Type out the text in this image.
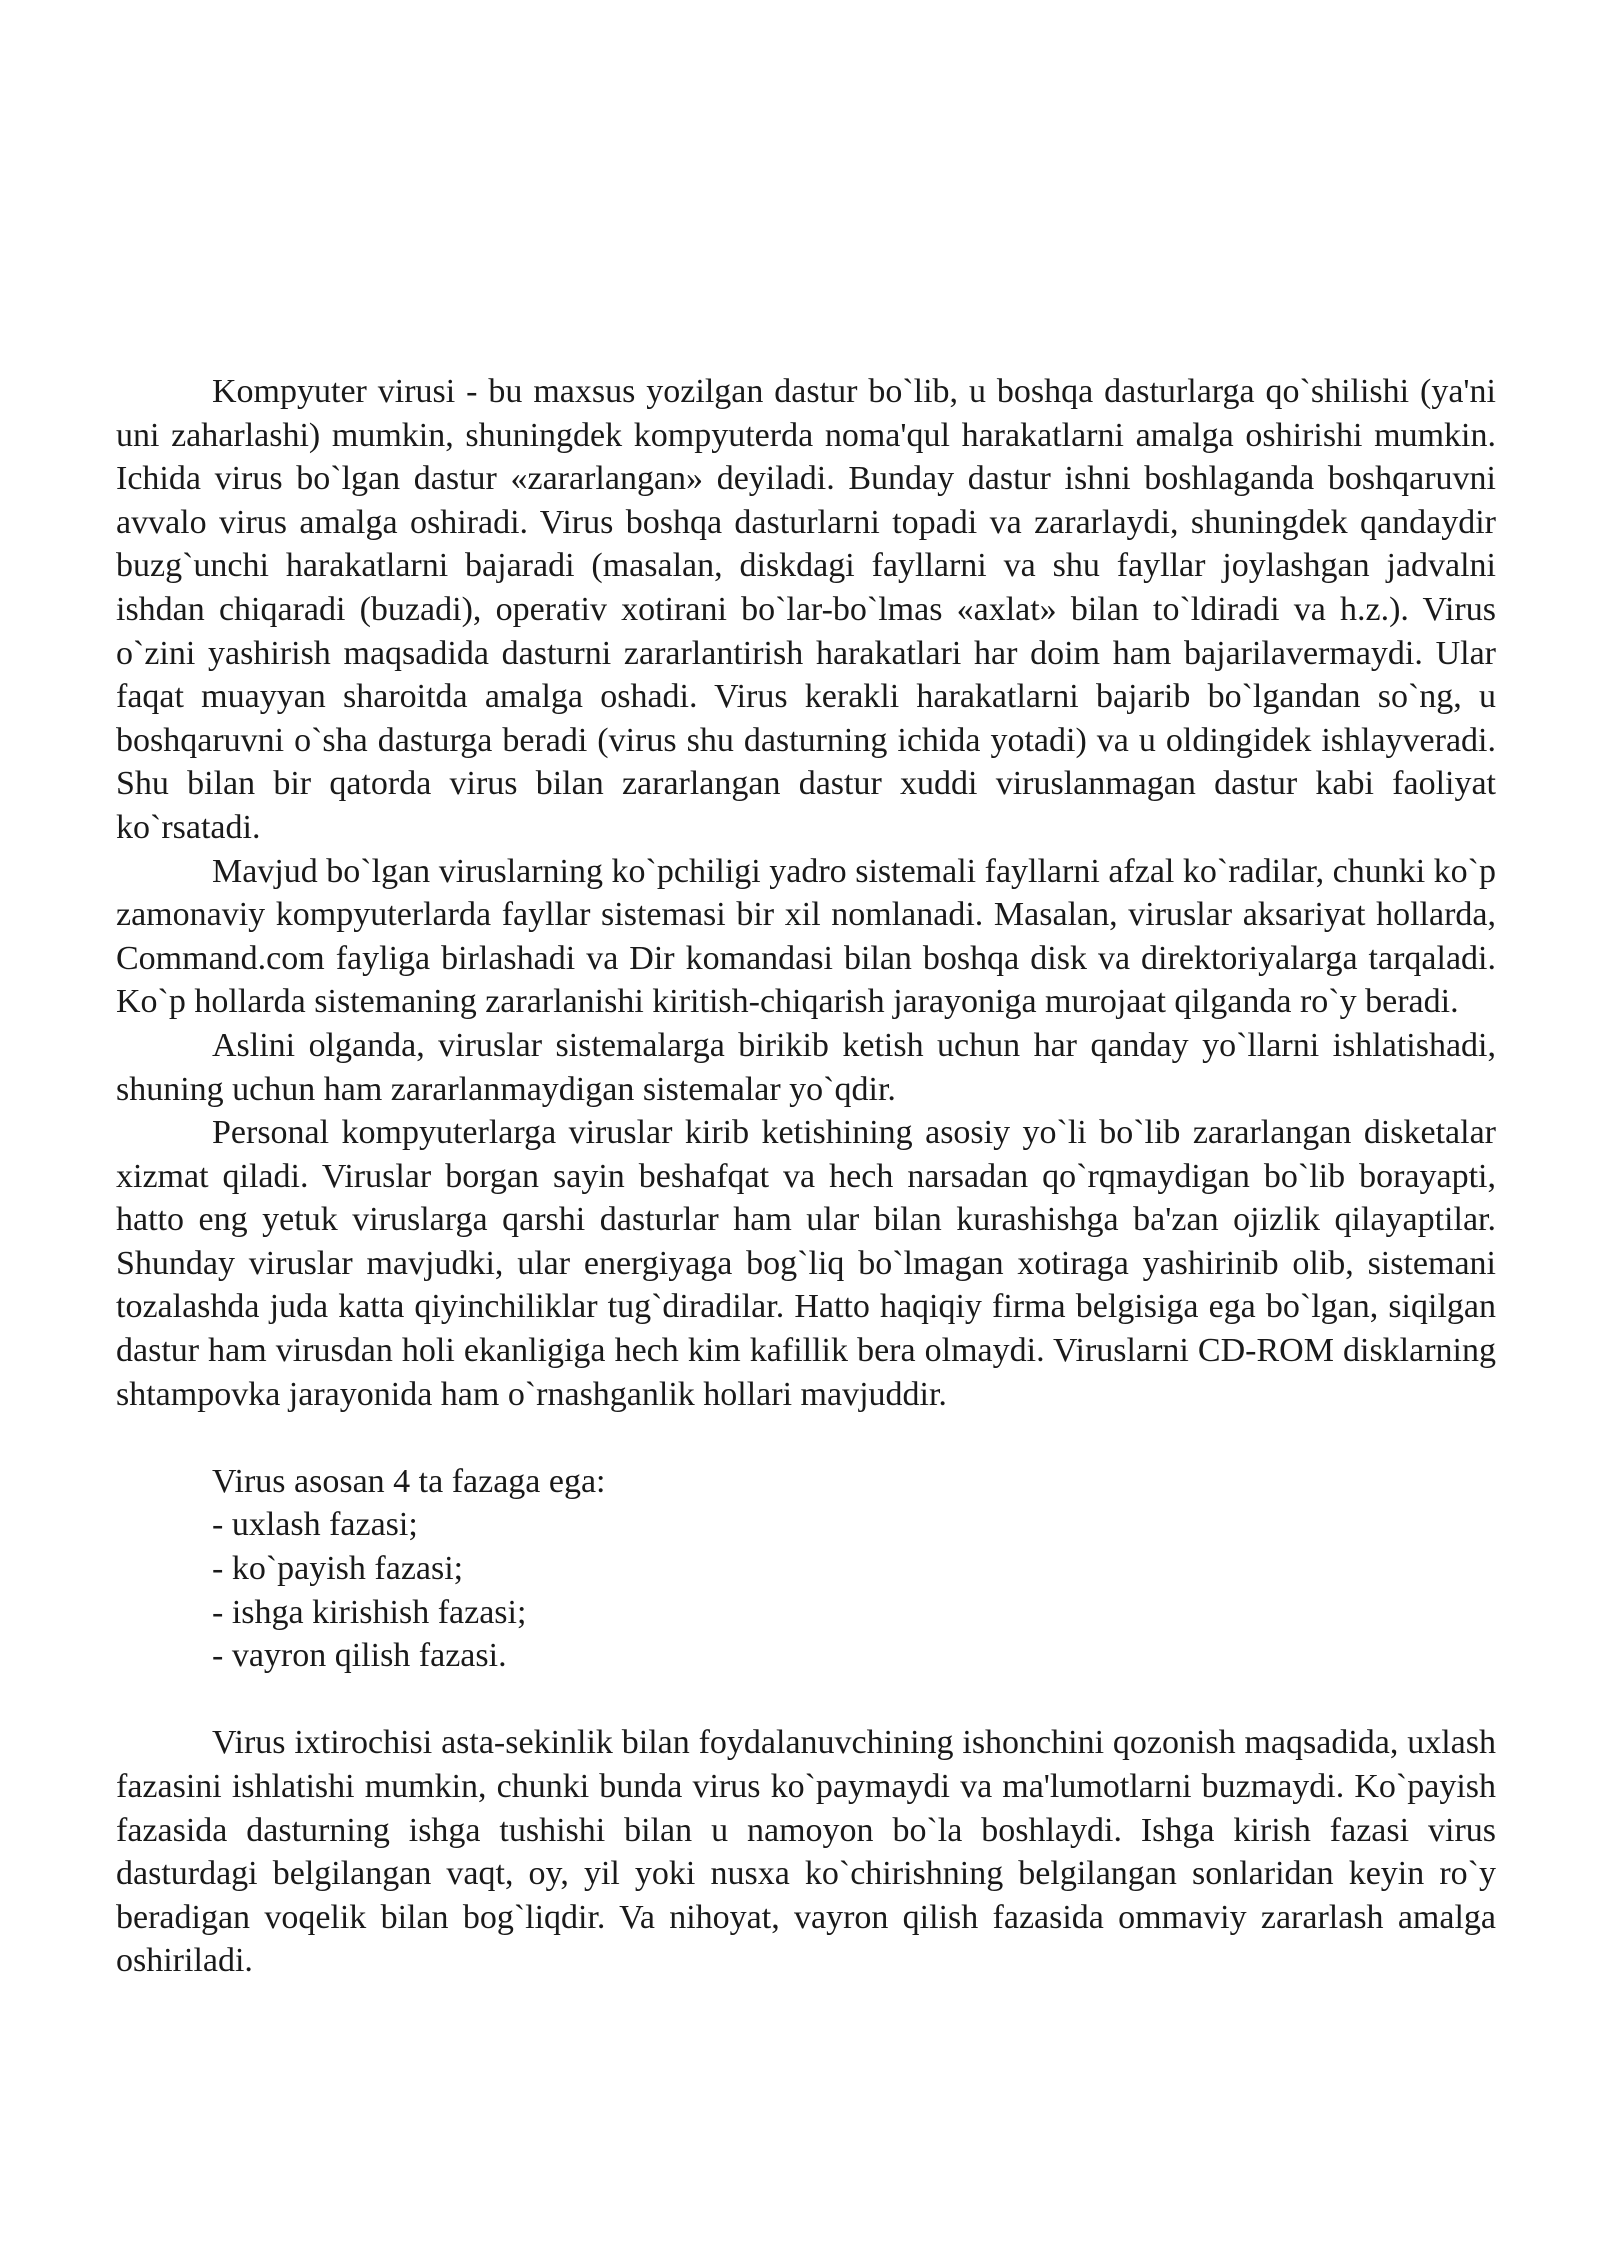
Kompyuter virusi - bu maxsus yozilgan dastur bo`lib, u boshqa dasturlarga qo`shilishi (ya'ni uni zaharlashi) mumkin, shuningdek kompyuterda noma'qul harakatlarni amalga oshirishi mumkin. Ichida virus bo`lgan dastur «zararlangan» deyiladi. Bunday dastur ishni boshlaganda boshqaruvni avvalo virus amalga oshiradi. Virus boshqa dasturlarni topadi va zararlaydi, shuningdek qandaydir buzg`unchi harakatlarni bajaradi (masalan, diskdagi fayllarni va shu fayllar joylashgan jadvalni ishdan chiqaradi (buzadi), operativ xotirani bo`lar-bo`lmas «axlat» bilan to`ldiradi va h.z.). Virus o`zini yashirish maqsadida dasturni zararlantirish harakatlari har doim ham bajarilavermaydi. Ular faqat muayyan sharoitda amalga oshadi. Virus kerakli harakatlarni bajarib bo`lgandan so`ng, u boshqaruvni o`sha dasturga beradi (virus shu dasturning ichida yotadi) va u oldingidek ishlayveradi. Shu bilan bir qatorda virus bilan zararlangan dastur xuddi viruslanmagan dastur kabi faoliyat ko`rsatadi.

Mavjud bo`lgan viruslarning ko`pchiligi yadro sistemali fayllarni afzal ko`radilar, chunki ko`p zamonaviy kompyuterlarda fayllar sistemasi bir xil nomlanadi. Masalan, viruslar aksariyat hollarda, Command.com fayliga birlashadi va Dir komandasi bilan boshqa disk va direktoriyalarga tarqaladi. Ko`p hollarda sistemaning zararlanishi kiritish-chiqarish jarayoniga murojaat qilganda ro`y beradi.

Aslini olganda, viruslar sistemalarga birikib ketish uchun har qanday yo`llarni ishlatishadi, shuning uchun ham zararlanmaydigan sistemalar yo`qdir.

Personal kompyuterlarga viruslar kirib ketishining asosiy yo`li bo`lib zararlangan disketalar xizmat qiladi. Viruslar borgan sayin beshafqat va hech narsadan qo`rqmaydigan bo`lib borayapti, hatto eng yetuk viruslarga qarshi dasturlar ham ular bilan kurashishga ba'zan ojizlik qilayaptilar. Shunday viruslar mavjudki, ular energiyaga bog`liq bo`lmagan xotiraga yashirinib olib, sistemani tozalashda juda katta qiyinchiliklar tug`diradilar. Hatto haqiqiy firma belgisiga ega bo`lgan, siqilgan dastur ham virusdan holi ekanligiga hech kim kafillik bera olmaydi. Viruslarni CD-ROM disklarning shtampovka jarayonida ham o`rnashganlik hollari mavjuddir.

Virus asosan 4 ta fazaga ega:

- uxlash fazasi;

- ko`payish fazasi;

- ishga kirishish fazasi;

- vayron qilish fazasi.

Virus ixtirochisi asta-sekinlik bilan foydalanuvchining ishonchini qozonish maqsadida, uxlash fazasini ishlatishi mumkin, chunki bunda virus ko`paymaydi va ma'lumotlarni buzmaydi. Ko`payish fazasida dasturning ishga tushishi bilan u namoyon bo`la boshlaydi. Ishga kirish fazasi virus dasturdagi belgilangan vaqt, oy, yil yoki nusxa ko`chirishning belgilangan sonlaridan keyin ro`y beradigan voqelik bilan bog`liqdir. Va nihoyat, vayron qilish fazasida ommaviy zararlash amalga oshiriladi.
